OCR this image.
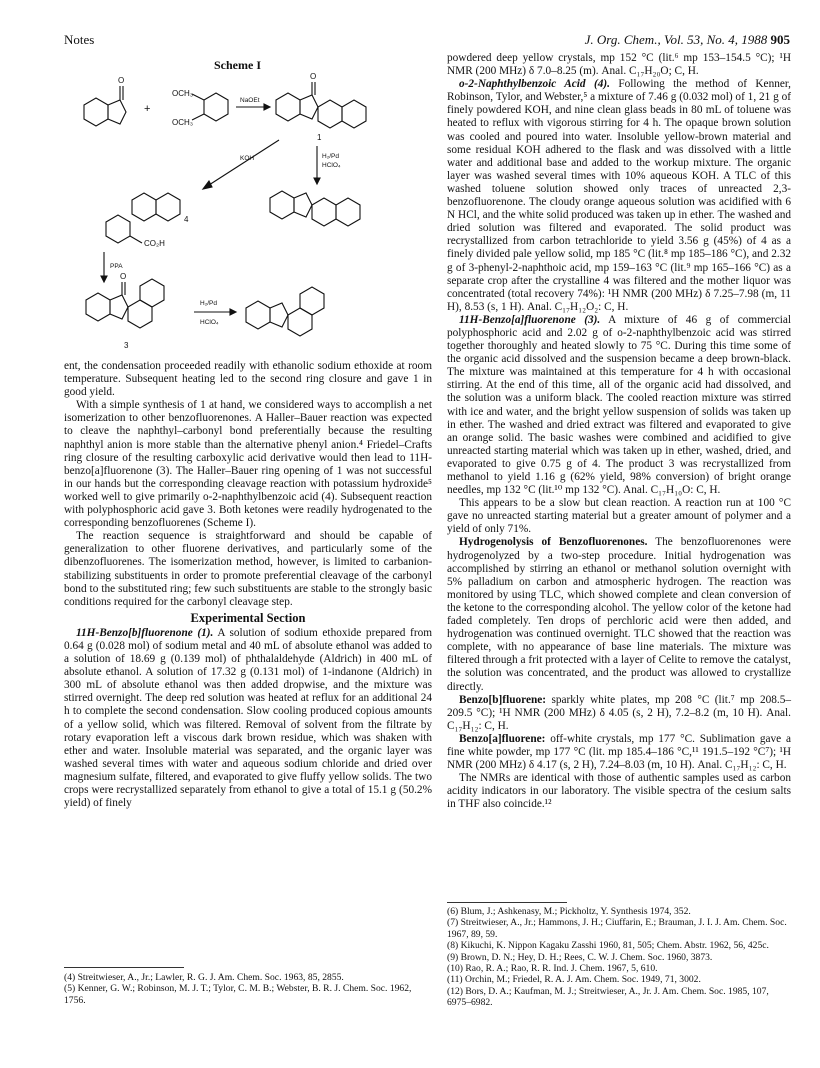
Notes	J. Org. Chem., Vol. 53, No. 4, 1988 905
Scheme I
O
OCH₃
OCH₃
+
NaOEt
O
1
KOH	H₂/Pd
HClO₄
CO₂H
4
PPA
O
H₂/Pd
HClO₄
3

ent, the condensation proceeded readily with ethanolic sodium ethoxide at room temperature. Subsequent heating led to the second ring closure and gave 1 in good yield.

With a simple synthesis of 1 at hand, we considered ways to accomplish a net isomerization to other benzofluorenones. A Haller–Bauer reaction was expected to cleave the naphthyl–carbonyl bond preferentially because the resulting naphthyl anion is more stable than the alternative phenyl anion.⁴ Friedel–Crafts ring closure of the resulting carboxylic acid derivative would then lead to 11H-benzo[a]fluorenone (3). The Haller–Bauer ring opening of 1 was not successful in our hands but the corresponding cleavage reaction with potassium hydroxide⁵ worked well to give primarily o-2-naphthylbenzoic acid (4). Subsequent reaction with polyphosphoric acid gave 3. Both ketones were readily hydrogenated to the corresponding benzofluorenes (Scheme I).

The reaction sequence is straightforward and should be capable of generalization to other fluorene derivatives, and particularly some of the dibenzofluorenes. The isomerization method, however, is limited to carbanion-stabilizing substituents in order to promote preferential cleavage of the carbonyl bond to the substituted ring; few such substituents are stable to the strongly basic conditions required for the carbonyl cleavage step.

Experimental Section

11H-Benzo[b]fluorenone (1). A solution of sodium ethoxide prepared from 0.64 g (0.028 mol) of sodium metal and 40 mL of absolute ethanol was added to a solution of 18.69 g (0.139 mol) of phthalaldehyde (Aldrich) in 400 mL of absolute ethanol. A solution of 17.32 g (0.131 mol) of 1-indanone (Aldrich) in 300 mL of absolute ethanol was then added dropwise, and the mixture was stirred overnight. The deep red solution was heated at reflux for an additional 24 h to complete the second condensation. Slow cooling produced copious amounts of a yellow solid, which was filtered. Removal of solvent from the filtrate by rotary evaporation left a viscous dark brown residue, which was shaken with ether and water. Insoluble material was separated, and the organic layer was washed several times with water and aqueous sodium chloride and dried over magnesium sulfate, filtered, and evaporated to give fluffy yellow solids. The two crops were recrystallized separately from ethanol to give a total of 15.1 g (50.2% yield) of finely

(4) Streitwieser, A., Jr.; Lawler, R. G. J. Am. Chem. Soc. 1963, 85, 2855.

(5) Kenner, G. W.; Robinson, M. J. T.; Tylor, C. M. B.; Webster, B. R. J. Chem. Soc. 1962, 1756.

powdered deep yellow crystals, mp 152 °C (lit.⁶ mp 153–154.5 °C); ¹H NMR (200 MHz) δ 7.0–8.25 (m). Anal. C₁₇H₂₀O; C, H.

o-2-Naphthylbenzoic Acid (4). Following the method of Kenner, Robinson, Tylor, and Webster,⁵ a mixture of 7.46 g (0.032 mol) of 1, 21 g of finely powdered KOH, and nine clean glass beads in 80 mL of toluene was heated to reflux with vigorous stirring for 4 h. The opaque brown solution was cooled and poured into water. Insoluble yellow-brown material and some residual KOH adhered to the flask and was dissolved with a little water and additional base and added to the workup mixture. The organic layer was washed several times with 10% aqueous KOH. A TLC of this washed toluene solution showed only traces of unreacted 2,3-benzofluorenone. The cloudy orange aqueous solution was acidified with 6 N HCl, and the white solid produced was taken up in ether. The washed and dried solution was filtered and evaporated. The solid product was recrystallized from carbon tetrachloride to yield 3.56 g (45%) of 4 as a finely divided pale yellow solid, mp 185 °C (lit.⁸ mp 185–186 °C), and 2.32 g of 3-phenyl-2-naphthoic acid, mp 159–163 °C (lit.⁹ mp 165–166 °C) as a separate crop after the crystalline 4 was filtered and the mother liquor was concentrated (total recovery 74%): ¹H NMR (200 MHz) δ 7.25–7.98 (m, 11 H), 8.53 (s, 1 H). Anal. C₁₇H₁₂O₂: C, H.

11H-Benzo[a]fluorenone (3). A mixture of 46 g of commercial polyphosphoric acid and 2.02 g of o-2-naphthylbenzoic acid was stirred together thoroughly and heated slowly to 75 °C. During this time some of the organic acid dissolved and the suspension became a deep brown-black. The mixture was maintained at this temperature for 4 h with occasional stirring. At the end of this time, all of the organic acid had dissolved, and the solution was a uniform black. The cooled reaction mixture was stirred with ice and water, and the bright yellow suspension of solids was taken up in ether. The washed and dried extract was filtered and evaporated to give an orange solid. The basic washes were combined and acidified to give unreacted starting material which was taken up in ether, washed, dried, and evaporated to give 0.75 g of 4. The product 3 was recrystallized from methanol to yield 1.16 g (62% yield, 98% conversion) of bright orange needles, mp 132 °C (lit.¹⁰ mp 132 °C). Anal. C₁₇H₁₀O: C, H.

This appears to be a slow but clean reaction. A reaction run at 100 °C gave no unreacted starting material but a greater amount of polymer and a yield of only 71%.

Hydrogenolysis of Benzofluorenones. The benzofluorenones were hydrogenolyzed by a two-step procedure. Initial hydrogenation was accomplished by stirring an ethanol or methanol solution overnight with 5% palladium on carbon and atmospheric hydrogen. The reaction was monitored by using TLC, which showed complete and clean conversion of the ketone to the corresponding alcohol. The yellow color of the ketone had faded completely. Ten drops of perchloric acid were then added, and hydrogenation was continued overnight. TLC showed that the reaction was complete, with no appearance of base line materials. The mixture was filtered through a frit protected with a layer of Celite to remove the catalyst, the solution was concentrated, and the product was allowed to crystallize directly.

Benzo[b]fluorene: sparkly white plates, mp 208 °C (lit.⁷ mp 208.5–209.5 °C); ¹H NMR (200 MHz) δ 4.05 (s, 2 H), 7.2–8.2 (m, 10 H). Anal. C₁₇H₁₂: C, H.

Benzo[a]fluorene: off-white crystals, mp 177 °C. Sublimation gave a fine white powder, mp 177 °C (lit. mp 185.4–186 °C,¹¹ 191.5–192 °C⁷); ¹H NMR (200 MHz) δ 4.17 (s, 2 H), 7.24–8.03 (m, 10 H). Anal. C₁₇H₁₂: C, H.

The NMRs are identical with those of authentic samples used as carbon acidity indicators in our laboratory. The visible spectra of the cesium salts in THF also coincide.¹²

(6) Blum, J.; Ashkenasy, M.; Pickholtz, Y. Synthesis 1974, 352.

(7) Streitwieser, A., Jr.; Hammons, J. H.; Ciuffarin, E.; Brauman, J. I. J. Am. Chem. Soc. 1967, 89, 59.

(8) Kikuchi, K. Nippon Kagaku Zasshi 1960, 81, 505; Chem. Abstr. 1962, 56, 425c.

(9) Brown, D. N.; Hey, D. H.; Rees, C. W. J. Chem. Soc. 1960, 3873.

(10) Rao, R. A.; Rao, R. R. Ind. J. Chem. 1967, 5, 610.

(11) Orchin, M.; Friedel, R. A. J. Am. Chem. Soc. 1949, 71, 3002.

(12) Bors, D. A.; Kaufman, M. J.; Streitwieser, A., Jr. J. Am. Chem. Soc. 1985, 107, 6975–6982.
